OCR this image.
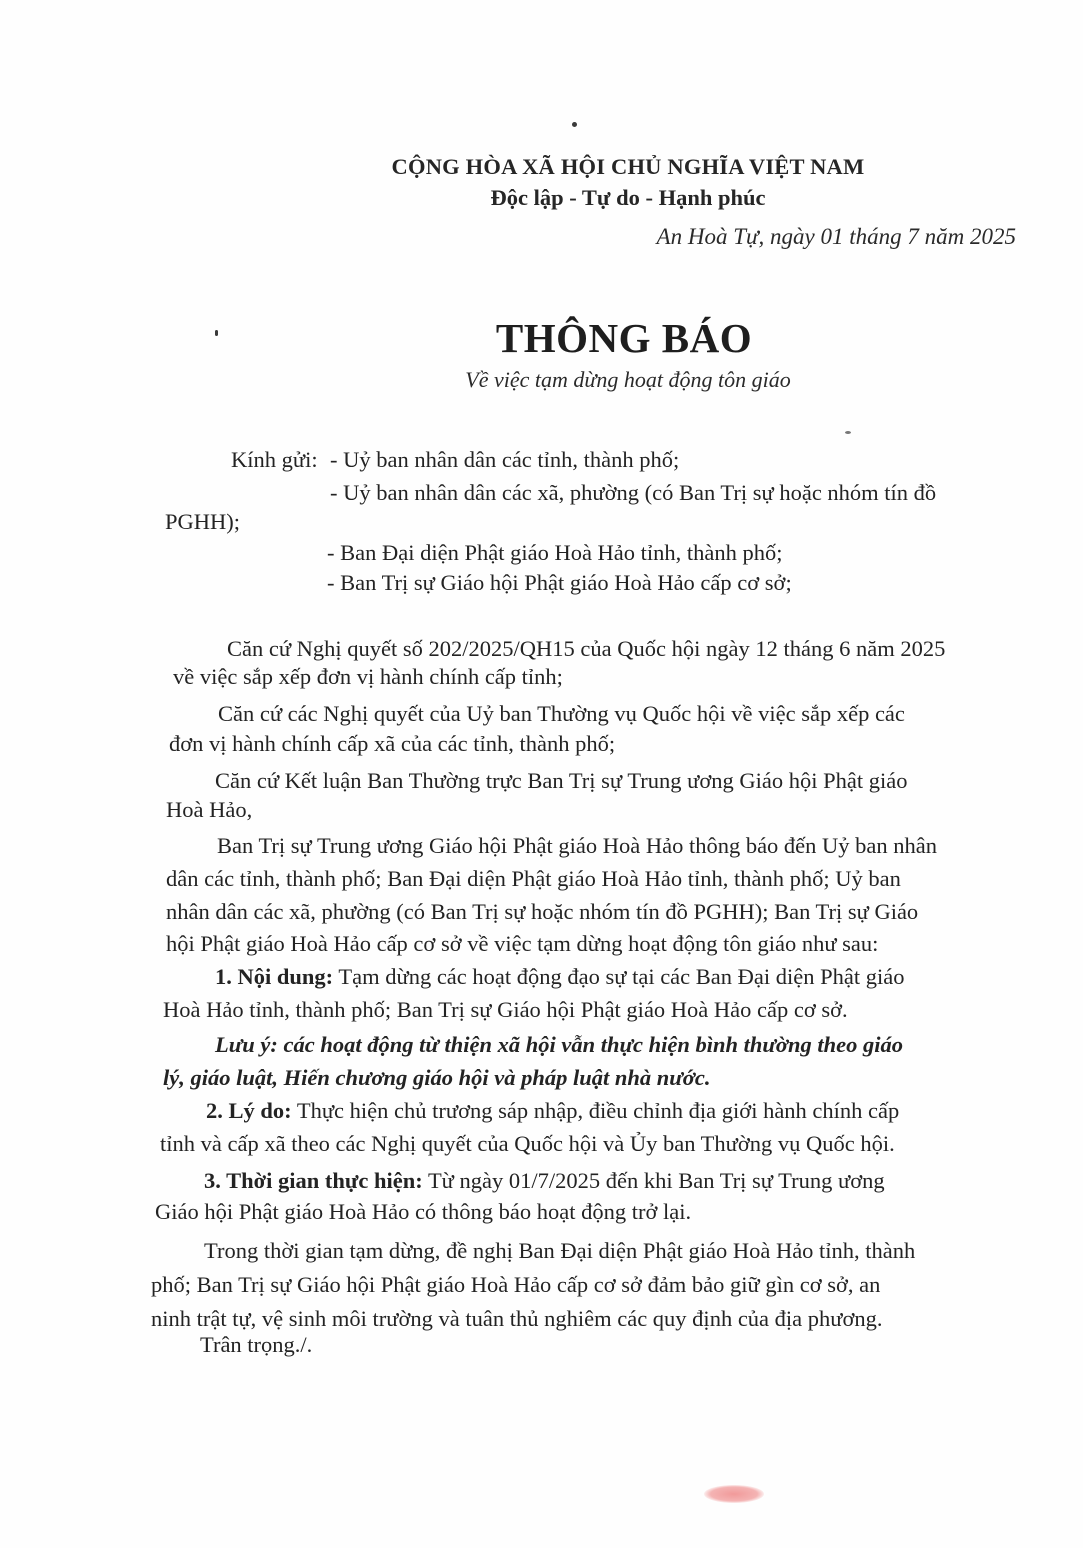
CỘNG HÒA XÃ HỘI CHỦ NGHĨA VIỆT NAM
Độc lập - Tự do - Hạnh phúc
An Hoà Tự, ngày 01 tháng 7 năm 2025
THÔNG BÁO
Về việc tạm dừng hoạt động tôn giáo
Kính gửi: - Uỷ ban nhân dân các tỉnh, thành phố;
- Uỷ ban nhân dân các xã, phường (có Ban Trị sự hoặc nhóm tín đồ
PGHH);
- Ban Đại diện Phật giáo Hoà Hảo tỉnh, thành phố;
- Ban Trị sự Giáo hội Phật giáo Hoà Hảo cấp cơ sở;
Căn cứ Nghị quyết số 202/2025/QH15 của Quốc hội ngày 12 tháng 6 năm 2025
về việc sắp xếp đơn vị hành chính cấp tỉnh;
Căn cứ các Nghị quyết của Uỷ ban Thường vụ Quốc hội về việc sắp xếp các
đơn vị hành chính cấp xã của các tỉnh, thành phố;
Căn cứ Kết luận Ban Thường trực Ban Trị sự Trung ương Giáo hội Phật giáo
Hoà Hảo,
Ban Trị sự Trung ương Giáo hội Phật giáo Hoà Hảo thông báo đến Uỷ ban nhân
dân các tỉnh, thành phố; Ban Đại diện Phật giáo Hoà Hảo tỉnh, thành phố; Uỷ ban
nhân dân các xã, phường (có Ban Trị sự hoặc nhóm tín đồ PGHH); Ban Trị sự Giáo
hội Phật giáo Hoà Hảo cấp cơ sở về việc tạm dừng hoạt động tôn giáo như sau:
1. Nội dung: Tạm dừng các hoạt động đạo sự tại các Ban Đại diện Phật giáo
Hoà Hảo tỉnh, thành phố; Ban Trị sự Giáo hội Phật giáo Hoà Hảo cấp cơ sở.
Lưu ý: các hoạt động từ thiện xã hội vẫn thực hiện bình thường theo giáo
lý, giáo luật, Hiến chương giáo hội và pháp luật nhà nước.
2. Lý do: Thực hiện chủ trương sáp nhập, điều chỉnh địa giới hành chính cấp
tỉnh và cấp xã theo các Nghị quyết của Quốc hội và Ủy ban Thường vụ Quốc hội.
3. Thời gian thực hiện: Từ ngày 01/7/2025 đến khi Ban Trị sự Trung ương
Giáo hội Phật giáo Hoà Hảo có thông báo hoạt động trở lại.
Trong thời gian tạm dừng, đề nghị Ban Đại diện Phật giáo Hoà Hảo tỉnh, thành
phố; Ban Trị sự Giáo hội Phật giáo Hoà Hảo cấp cơ sở đảm bảo giữ gìn cơ sở, an
ninh trật tự, vệ sinh môi trường và tuân thủ nghiêm các quy định của địa phương.
Trân trọng./.
